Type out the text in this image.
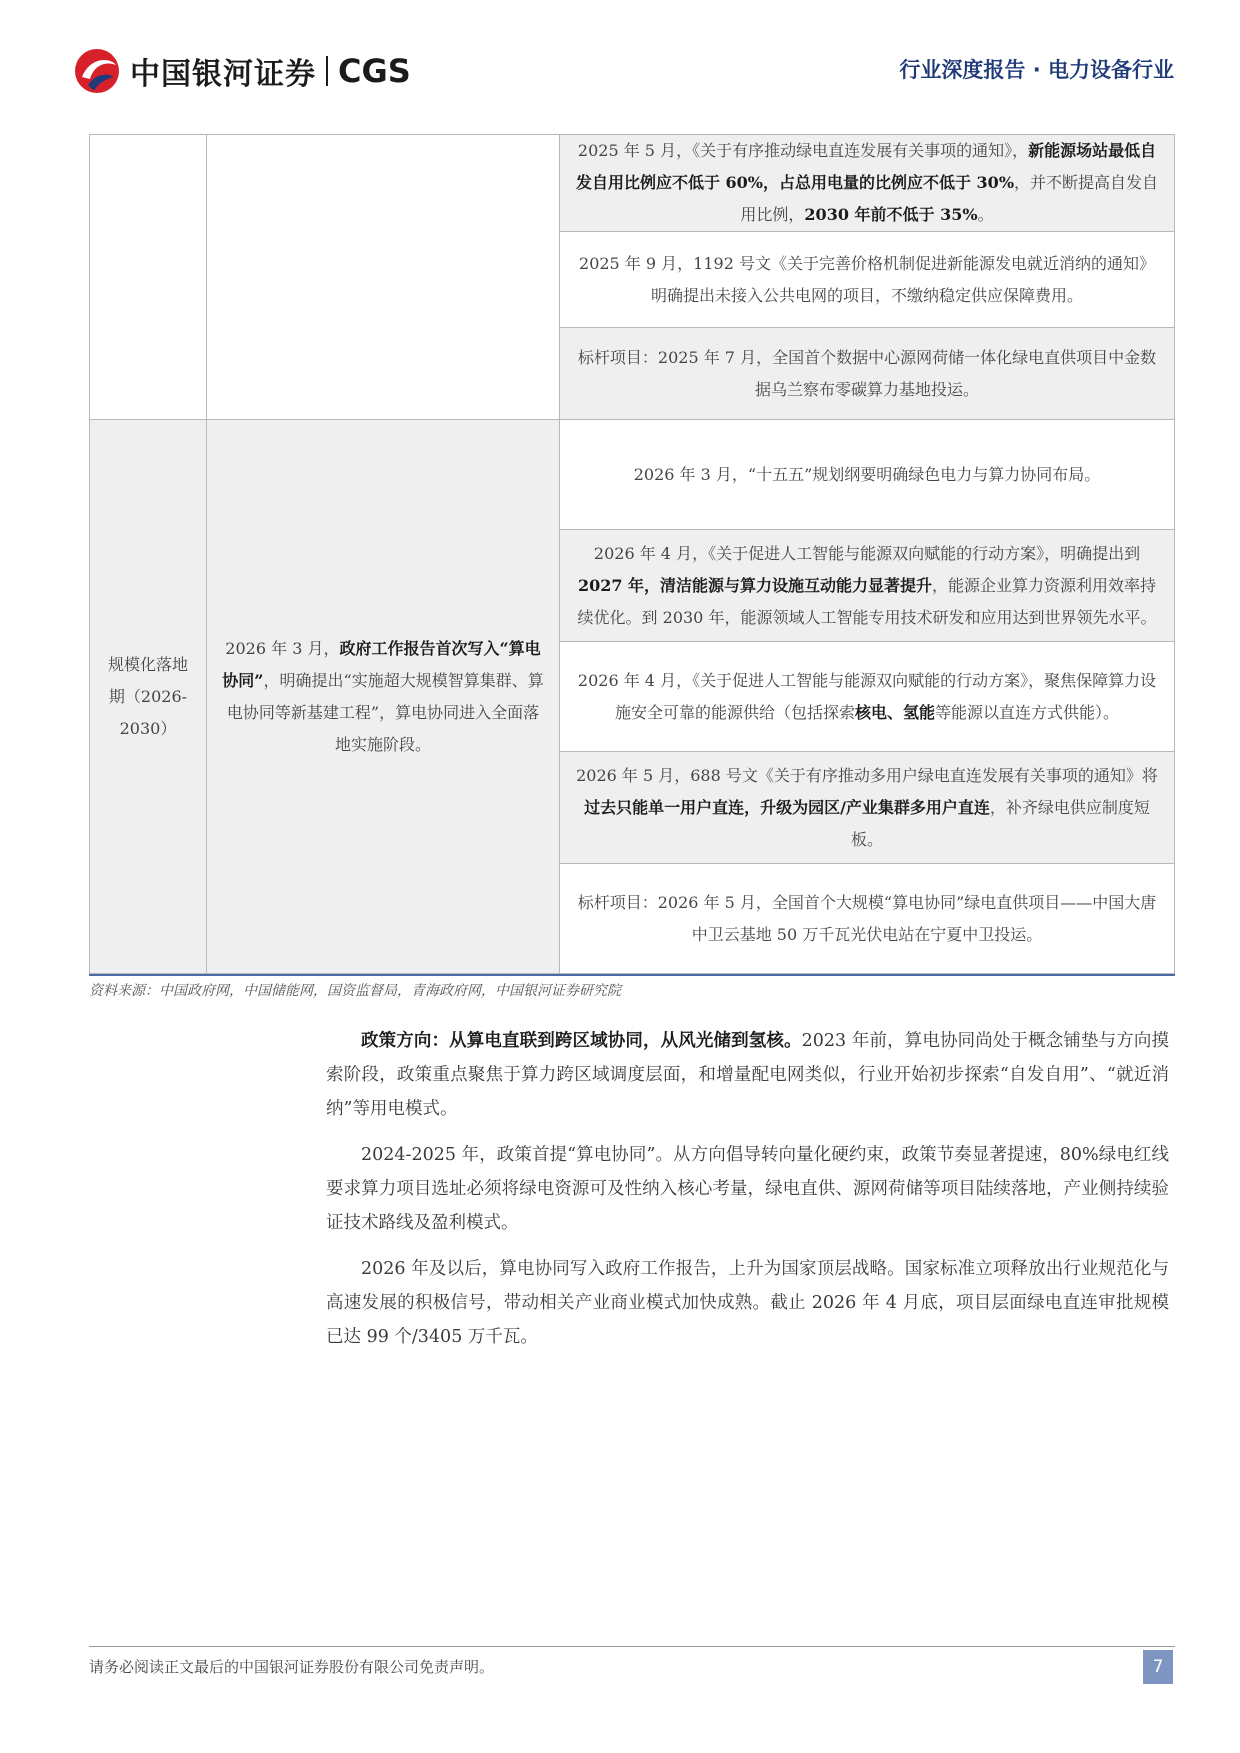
中国银河证券 CGS	行业深度报告 · 电力设备行业
		2025 年 5 月，《关于有序推动绿电直连发展有关事项的通知》，新能源场站最低自发自用比例应不低于 60%，占总用电量的比例应不低于 30%，并不断提高自发自用比例，2030 年前不低于 35%。
		2025 年 9 月，1192 号文《关于完善价格机制促进新能源发电就近消纳的通知》明确提出未接入公共电网的项目，不缴纳稳定供应保障费用。
		标杆项目：2025 年 7 月，全国首个数据中心源网荷储一体化绿电直供项目中金数据乌兰察布零碳算力基地投运。
规模化落地期（2026-2030）	2026 年 3 月，政府工作报告首次写入“算电协同”，明确提出“实施超大规模智算集群、算电协同等新基建工程”，算电协同进入全面落地实施阶段。	2026 年 3 月，“十五五”规划纲要明确绿色电力与算力协同布局。
		2026 年 4 月，《关于促进人工智能与能源双向赋能的行动方案》，明确提出到2027 年，清洁能源与算力设施互动能力显著提升，能源企业算力资源利用效率持续优化。到 2030 年，能源领域人工智能专用技术研发和应用达到世界领先水平。
		2026 年 4 月，《关于促进人工智能与能源双向赋能的行动方案》，聚焦保障算力设施安全可靠的能源供给（包括探索核电、氢能等能源以直连方式供能）。
		2026 年 5 月，688 号文《关于有序推动多用户绿电直连发展有关事项的通知》将过去只能单一用户直连，升级为园区/产业集群多用户直连，补齐绿电供应制度短板。
		标杆项目：2026 年 5 月，全国首个大规模“算电协同”绿电直供项目——中国大唐中卫云基地 50 万千瓦光伏电站在宁夏中卫投运。
资料来源：中国政府网，中国储能网，国资监督局，青海政府网，中国银河证券研究院

政策方向：从算电直联到跨区域协同，从风光储到氢核。2023 年前，算电协同尚处于概念铺垫与方向摸索阶段，政策重点聚焦于算力跨区域调度层面，和增量配电网类似，行业开始初步探索“自发自用”、“就近消纳”等用电模式。

2024-2025 年，政策首提“算电协同”。从方向倡导转向量化硬约束，政策节奏显著提速，80%绿电红线要求算力项目选址必须将绿电资源可及性纳入核心考量，绿电直供、源网荷储等项目陆续落地，产业侧持续验证技术路线及盈利模式。

2026 年及以后，算电协同写入政府工作报告，上升为国家顶层战略。国家标准立项释放出行业规范化与高速发展的积极信号，带动相关产业商业模式加快成熟。截止 2026 年 4 月底，项目层面绿电直连审批规模已达 99 个/3405 万千瓦。

请务必阅读正文最后的中国银河证券股份有限公司免责声明。	7
